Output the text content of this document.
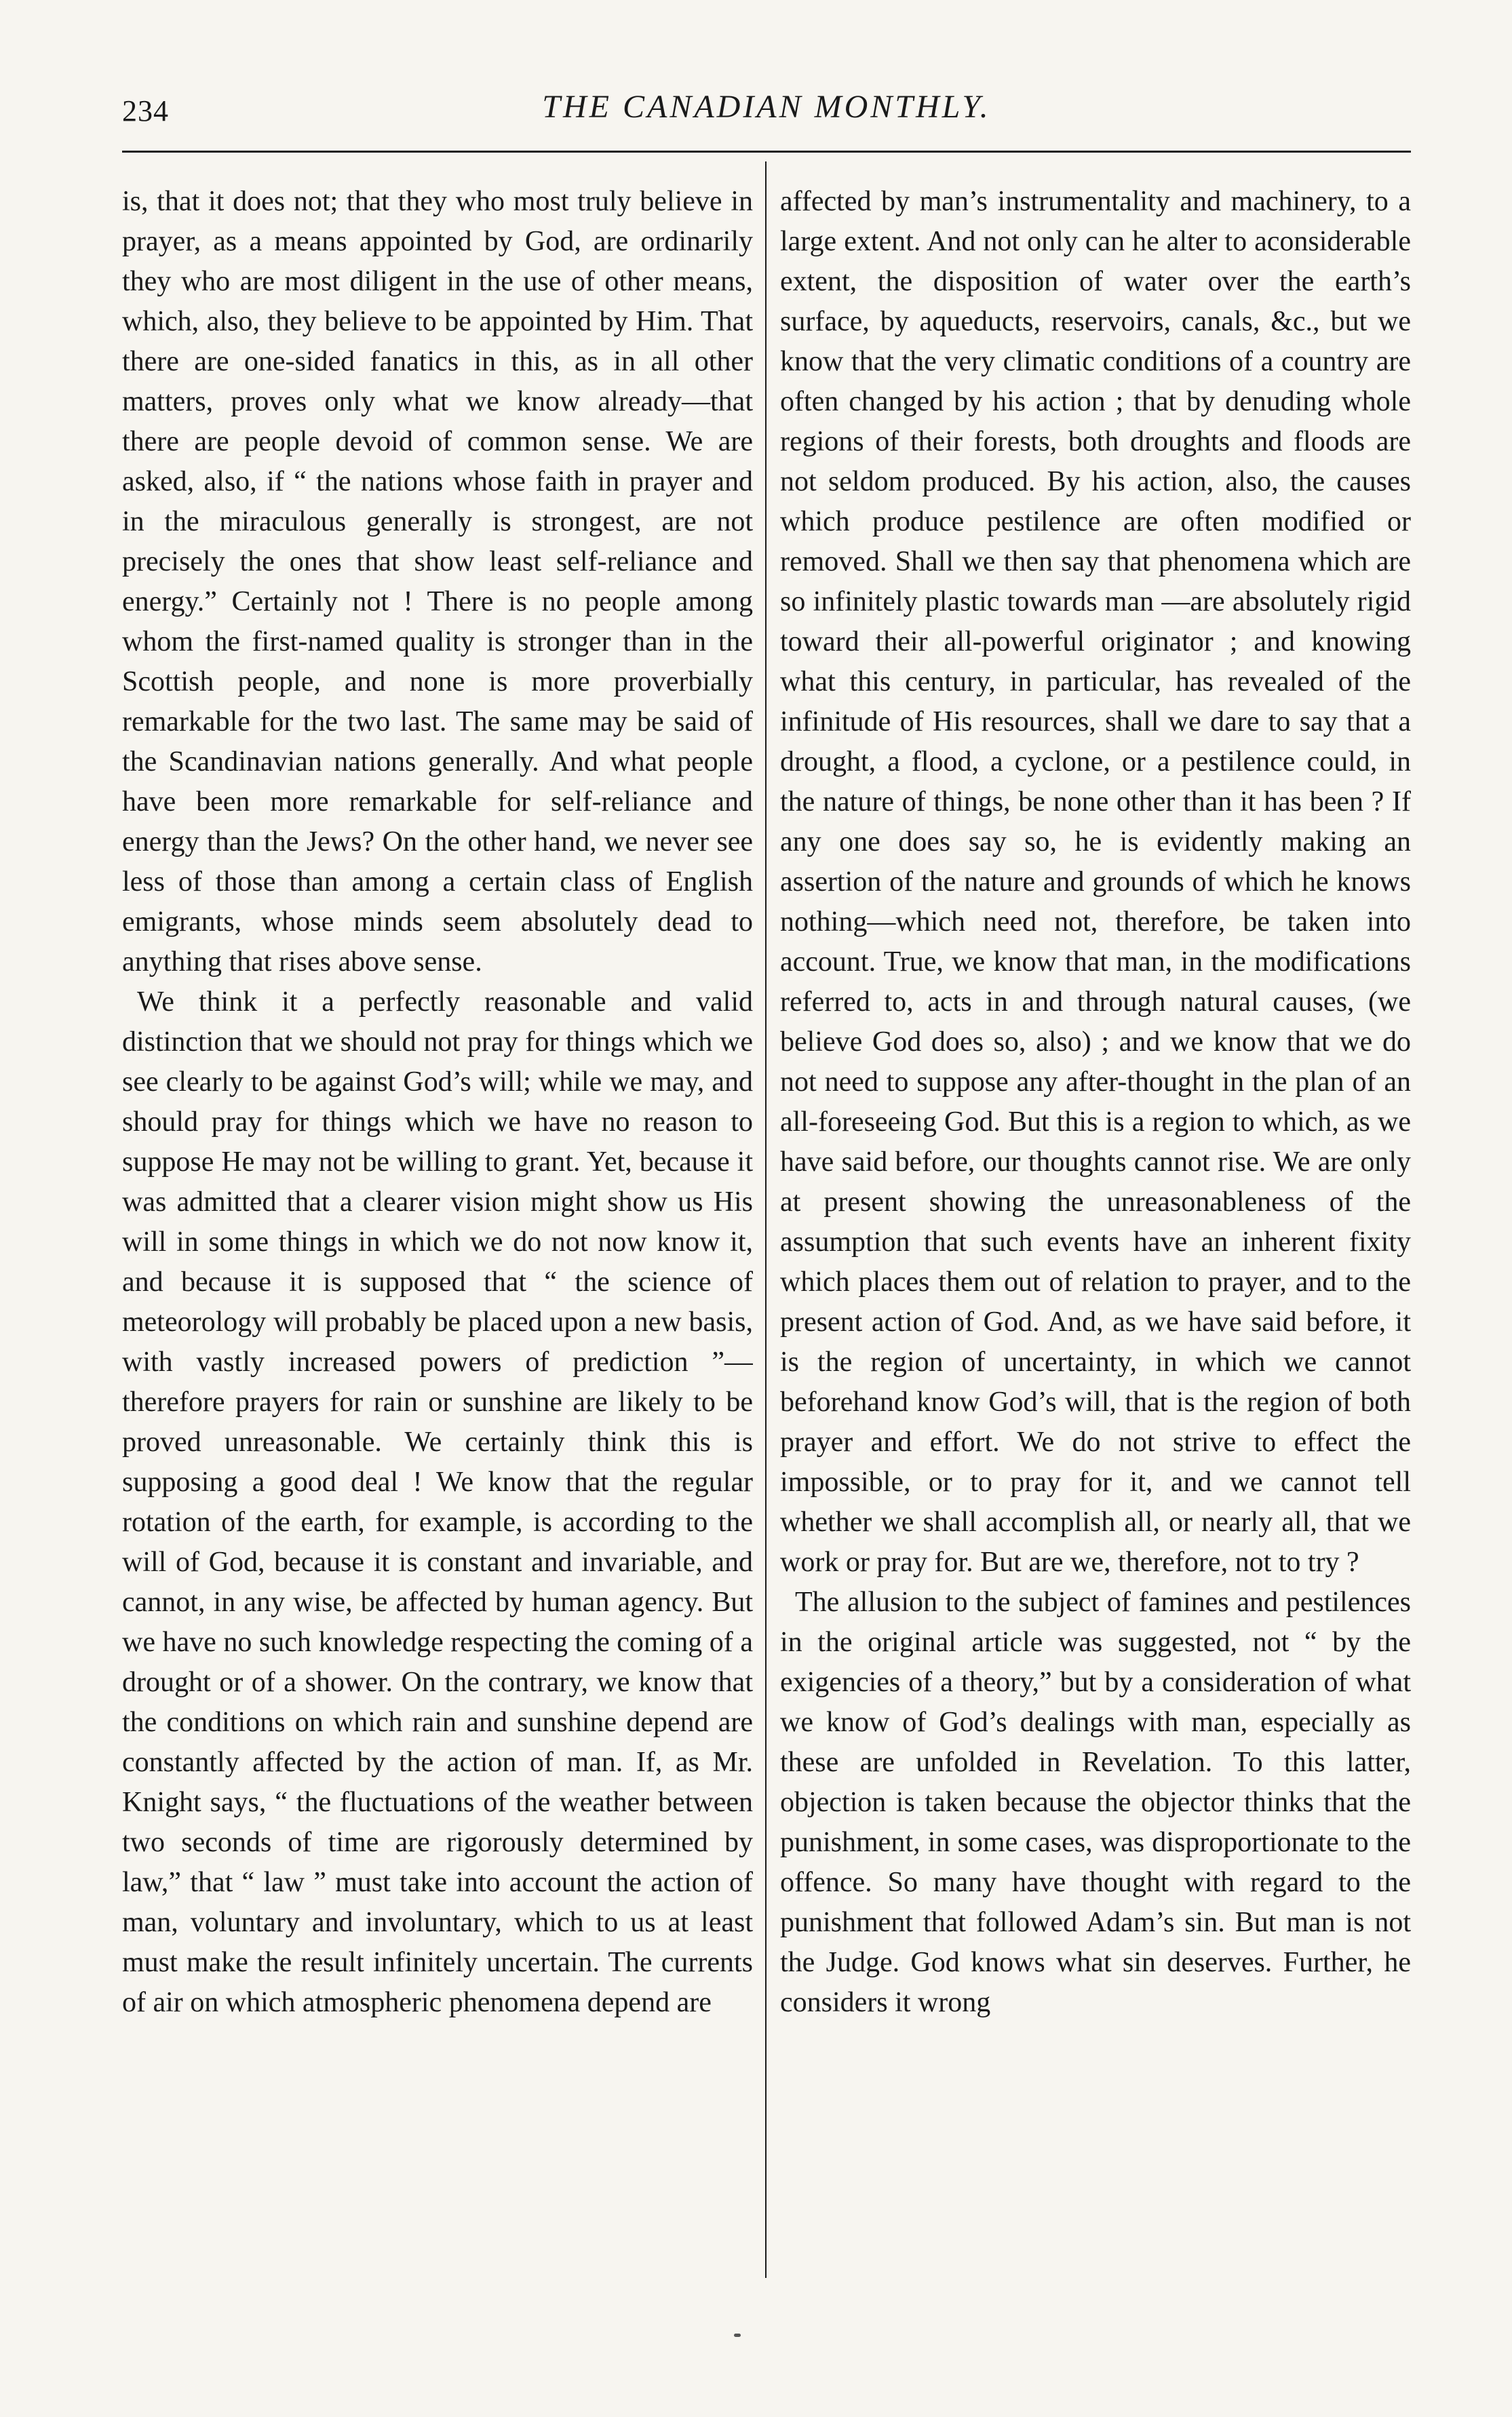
234	THE CANADIAN MONTHLY.

is, that it does not; that they who most truly believe in prayer, as a means appointed by God, are ordinarily they who are most diligent in the use of other means, which, also, they believe to be appointed by Him. That there are one-sided fanatics in this, as in all other matters, proves only what we know already—that there are people devoid of common sense. We are asked, also, if “ the nations whose faith in prayer and in the miraculous generally is strongest, are not precisely the ones that show least self-reliance and energy.” Certainly not ! There is no people among whom the first-named quality is stronger than in the Scottish people, and none is more proverbially remarkable for the two last. The same may be said of the Scandinavian nations generally. And what people have been more remarkable for self-reliance and energy than the Jews? On the other hand, we never see less of those than among a certain class of English emigrants, whose minds seem absolutely dead to anything that rises above sense.

We think it a perfectly reasonable and valid distinction that we should not pray for things which we see clearly to be against God’s will; while we may, and should pray for things which we have no reason to suppose He may not be willing to grant. Yet, because it was admitted that a clearer vision might show us His will in some things in which we do not now know it, and because it is supposed that “ the science of meteorology will probably be placed upon a new basis, with vastly increased powers of prediction ”—therefore prayers for rain or sunshine are likely to be proved unreasonable. We certainly think this is supposing a good deal ! We know that the regular rotation of the earth, for example, is according to the will of God, because it is constant and invariable, and cannot, in any wise, be affected by human agency. But we have no such knowledge respecting the coming of a drought or of a shower. On the contrary, we know that the conditions on which rain and sunshine depend are constantly affected by the action of man. If, as Mr. Knight says, “ the fluctuations of the weather between two seconds of time are rigorously determined by law,” that “ law ” must take into account the action of man, voluntary and involuntary, which to us at least must make the result infinitely uncertain. The currents of air on which atmospheric phenomena depend are

affected by man’s instrumentality and machinery, to a large extent. And not only can he alter to aconsiderable extent, the disposition of water over the earth’s surface, by aqueducts, reservoirs, canals, &c., but we know that the very climatic conditions of a country are often changed by his action ; that by denuding whole regions of their forests, both droughts and floods are not seldom produced. By his action, also, the causes which produce pestilence are often modified or removed. Shall we then say that phenomena which are so infinitely plastic towards man —are absolutely rigid toward their all-powerful originator ; and knowing what this century, in particular, has revealed of the infinitude of His resources, shall we dare to say that a drought, a flood, a cyclone, or a pestilence could, in the nature of things, be none other than it has been ? If any one does say so, he is evidently making an assertion of the nature and grounds of which he knows nothing—which need not, therefore, be taken into account. True, we know that man, in the modifications referred to, acts in and through natural causes, (we believe God does so, also) ; and we know that we do not need to suppose any after-thought in the plan of an all-foreseeing God. But this is a region to which, as we have said before, our thoughts cannot rise. We are only at present showing the unreasonableness of the assumption that such events have an inherent fixity which places them out of relation to prayer, and to the present action of God. And, as we have said before, it is the region of uncertainty, in which we cannot beforehand know God’s will, that is the region of both prayer and effort. We do not strive to effect the impossible, or to pray for it, and we cannot tell whether we shall accomplish all, or nearly all, that we work or pray for. But are we, therefore, not to try ?

The allusion to the subject of famines and pestilences in the original article was suggested, not “ by the exigencies of a theory,” but by a consideration of what we know of God’s dealings with man, especially as these are unfolded in Revelation. To this latter, objection is taken because the objector thinks that the punishment, in some cases, was disproportionate to the offence. So many have thought with regard to the punishment that followed Adam’s sin. But man is not the Judge. God knows what sin deserves. Further, he considers it wrong
